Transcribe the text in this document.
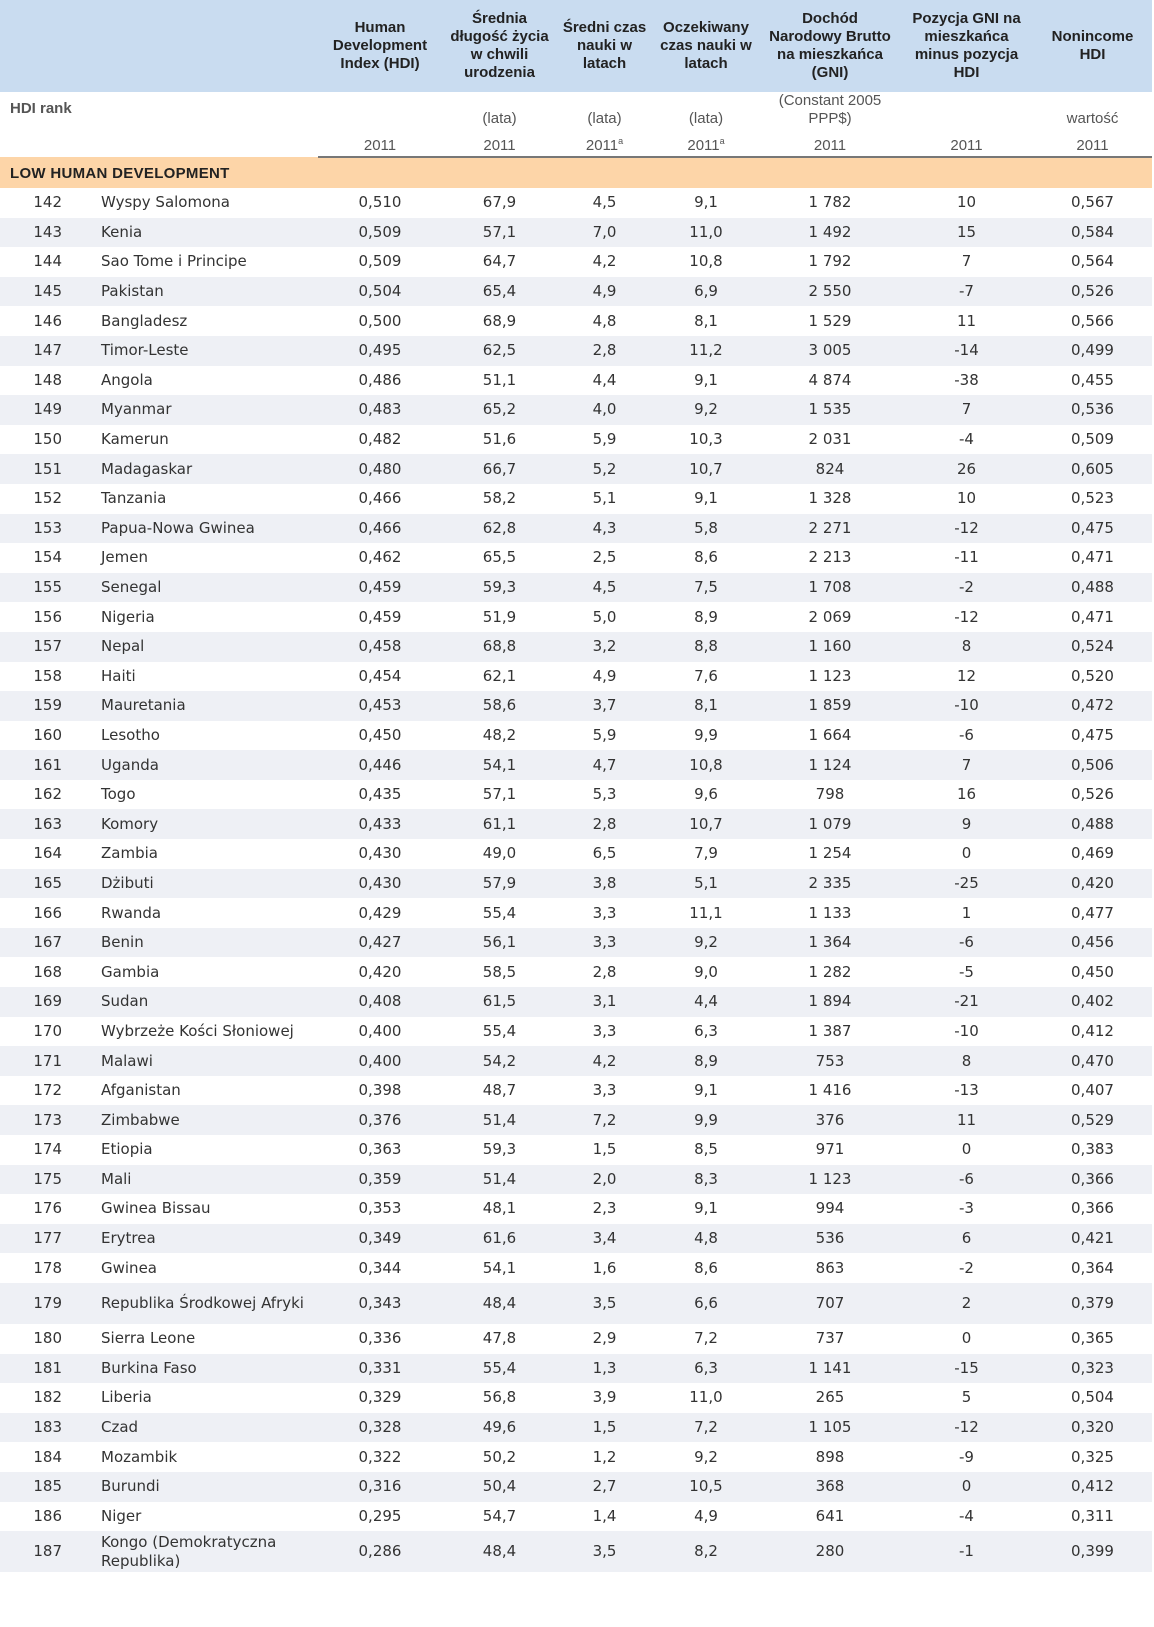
		Human Development Index (HDI)	Średnia długość życia w chwili urodzenia	Średni czas nauki w latach	Oczekiwany czas nauki w latach	Dochód Narodowy Brutto na mieszkańca (GNI)	Pozycja GNI na mieszkańca minus pozycja HDI	Nonincome HDI
HDI rank			(lata)	(lata)	(lata)	(Constant 2005 PPP$)		wartość
		2011	2011	2011$^a$	2011$^a$	2011	2011	2011
LOW HUMAN DEVELOPMENT								
142	Wyspy Salomona	0,510	67,9	4,5	9,1	1 782	10	0,567
143	Kenia	0,509	57,1	7,0	11,0	1 492	15	0,584
144	Sao Tome i Principe	0,509	64,7	4,2	10,8	1 792	7	0,564
145	Pakistan	0,504	65,4	4,9	6,9	2 550	-7	0,526
146	Bangladesz	0,500	68,9	4,8	8,1	1 529	11	0,566
147	Timor-Leste	0,495	62,5	2,8	11,2	3 005	-14	0,499
148	Angola	0,486	51,1	4,4	9,1	4 874	-38	0,455
149	Myanmar	0,483	65,2	4,0	9,2	1 535	7	0,536
150	Kamerun	0,482	51,6	5,9	10,3	2 031	-4	0,509
151	Madagaskar	0,480	66,7	5,2	10,7	824	26	0,605
152	Tanzania	0,466	58,2	5,1	9,1	1 328	10	0,523
153	Papua-Nowa Gwinea	0,466	62,8	4,3	5,8	2 271	-12	0,475
154	Jemen	0,462	65,5	2,5	8,6	2 213	-11	0,471
155	Senegal	0,459	59,3	4,5	7,5	1 708	-2	0,488
156	Nigeria	0,459	51,9	5,0	8,9	2 069	-12	0,471
157	Nepal	0,458	68,8	3,2	8,8	1 160	8	0,524
158	Haiti	0,454	62,1	4,9	7,6	1 123	12	0,520
159	Mauretania	0,453	58,6	3,7	8,1	1 859	-10	0,472
160	Lesotho	0,450	48,2	5,9	9,9	1 664	-6	0,475
161	Uganda	0,446	54,1	4,7	10,8	1 124	7	0,506
162	Togo	0,435	57,1	5,3	9,6	798	16	0,526
163	Komory	0,433	61,1	2,8	10,7	1 079	9	0,488
164	Zambia	0,430	49,0	6,5	7,9	1 254	0	0,469
165	Dżibuti	0,430	57,9	3,8	5,1	2 335	-25	0,420
166	Rwanda	0,429	55,4	3,3	11,1	1 133	1	0,477
167	Benin	0,427	56,1	3,3	9,2	1 364	-6	0,456
168	Gambia	0,420	58,5	2,8	9,0	1 282	-5	0,450
169	Sudan	0,408	61,5	3,1	4,4	1 894	-21	0,402
170	Wybrzeże Kości Słoniowej	0,400	55,4	3,3	6,3	1 387	-10	0,412
171	Malawi	0,400	54,2	4,2	8,9	753	8	0,470
172	Afganistan	0,398	48,7	3,3	9,1	1 416	-13	0,407
173	Zimbabwe	0,376	51,4	7,2	9,9	376	11	0,529
174	Etiopia	0,363	59,3	1,5	8,5	971	0	0,383
175	Mali	0,359	51,4	2,0	8,3	1 123	-6	0,366
176	Gwinea Bissau	0,353	48,1	2,3	9,1	994	-3	0,366
177	Erytrea	0,349	61,6	3,4	4,8	536	6	0,421
178	Gwinea	0,344	54,1	1,6	8,6	863	-2	0,364
179	Republika Środkowej Afryki	0,343	48,4	3,5	6,6	707	2	0,379
180	Sierra Leone	0,336	47,8	2,9	7,2	737	0	0,365
181	Burkina Faso	0,331	55,4	1,3	6,3	1 141	-15	0,323
182	Liberia	0,329	56,8	3,9	11,0	265	5	0,504
183	Czad	0,328	49,6	1,5	7,2	1 105	-12	0,320
184	Mozambik	0,322	50,2	1,2	9,2	898	-9	0,325
185	Burundi	0,316	50,4	2,7	10,5	368	0	0,412
186	Niger	0,295	54,7	1,4	4,9	641	-4	0,311
187	Kongo (Demokratyczna Republika)	0,286	48,4	3,5	8,2	280	-1	0,399
